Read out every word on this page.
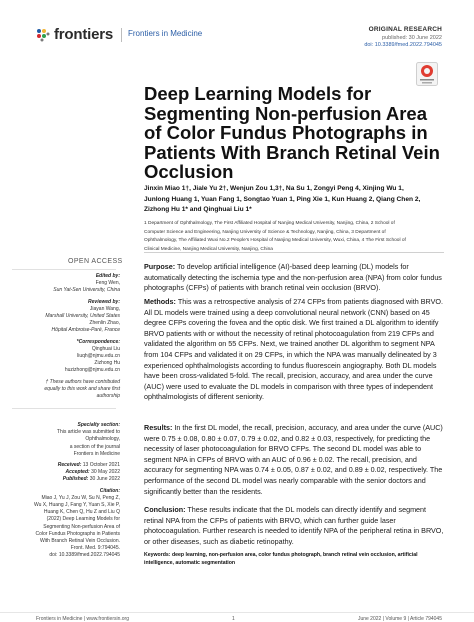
frontiers Frontiers in Medicine	ORIGINAL RESEARCH
published: 30 June 2022
doi: 10.3389/fmed.2022.794045
Deep Learning Models for Segmenting Non-perfusion Area of Color Fundus Photographs in Patients With Branch Retinal Vein Occlusion
Jinxin Miao 1†, Jiale Yu 2†, Wenjun Zou 1,3†, Na Su 1, Zongyi Peng 4, Xinjing Wu 1,
Junlong Huang 1, Yuan Fang 1, Songtao Yuan 1, Ping Xie 1, Kun Huang 2, Qiang Chen 2,
Zizhong Hu 1* and Qinghuai Liu 1*
1 Department of Ophthalmology, The First Affiliated Hospital of Nanjing Medical University, Nanjing, China, 2 School of
Computer Science and Engineering, Nanjing University of Science & Technology, Nanjing, China, 3 Department of
Ophthalmology, The Affiliated Wuxi No.2 People's Hospital of Nanjing Medical University, Wuxi, China, 4 The First School of
Clinical Medicine, Nanjing Medical University, Nanjing, China
OPEN ACCESS
Edited by:
Feng Wen,
Sun Yat-Sen University, China
Reviewed by:
Jiayan Wang,
Marshall University, United States
Zhenlin Zhao,
Hôpital Ambroise-Paré, France
*Correspondence:
Qinghuai Liu
liuqh@njmu.edu.cn
Zizhong Hu
huzizhong@njmu.edu.cn
† These authors have contributed
equally to this work and share first
authorship
Specialty section:
This article was submitted to
Ophthalmology,
a section of the journal
Frontiers in Medicine
Received: 13 October 2021
Accepted: 30 May 2022
Published: 30 June 2022
Citation:
Miao J, Yu J, Zou W, Su N, Peng Z,
Wu X, Huang J, Fang Y, Yuan S, Xie P,
Huang K, Chen Q, Hu Z and Liu Q
(2022) Deep Learning Models for
Segmenting Non-perfusion Area of
Color Fundus Photographs in Patients
With Branch Retinal Vein Occlusion.
Front. Med. 9:794045.
doi: 10.3389/fmed.2022.794045
Purpose: To develop artificial intelligence (AI)-based deep learning (DL) models for automatically detecting the ischemia type and the non-perfusion area (NPA) from color fundus photographs (CFPs) of patients with branch retinal vein occlusion (BRVO).
Methods: This was a retrospective analysis of 274 CFPs from patients diagnosed with BRVO. All DL models were trained using a deep convolutional neural network (CNN) based on 45 degree CFPs covering the fovea and the optic disk. We first trained a DL algorithm to identify BRVO patients with or without the necessity of retinal photocoagulation from 219 CFPs and validated the algorithm on 55 CFPs. Next, we trained another DL algorithm to segment NPA from 104 CFPs and validated it on 29 CFPs, in which the NPA was manually delineated by 3 experienced ophthalmologists according to fundus fluorescein angiography. Both DL models have been cross-validated 5-fold. The recall, precision, accuracy, and area under the curve (AUC) were used to evaluate the DL models in comparison with three types of independent ophthalmologists of different seniority.
Results: In the first DL model, the recall, precision, accuracy, and area under the curve (AUC) were 0.75 ± 0.08, 0.80 ± 0.07, 0.79 ± 0.02, and 0.82 ± 0.03, respectively, for predicting the necessity of laser photocoagulation for BRVO CFPs. The second DL model was able to segment NPA in CFPs of BRVO with an AUC of 0.96 ± 0.02. The recall, precision, and accuracy for segmenting NPA was 0.74 ± 0.05, 0.87 ± 0.02, and 0.89 ± 0.02, respectively. The performance of the second DL model was nearly comparable with the senior doctors and significantly better than the residents.
Conclusion: These results indicate that the DL models can directly identify and segment retinal NPA from the CFPs of patients with BRVO, which can further guide laser photocoagulation. Further research is needed to identify NPA of the peripheral retina in BRVO, or other diseases, such as diabetic retinopathy.
Keywords: deep learning, non-perfusion area, color fundus photograph, branch retinal vein occlusion, artificial intelligence, automatic segmentation
Frontiers in Medicine | www.frontiersin.org	1	June 2022 | Volume 9 | Article 794045
